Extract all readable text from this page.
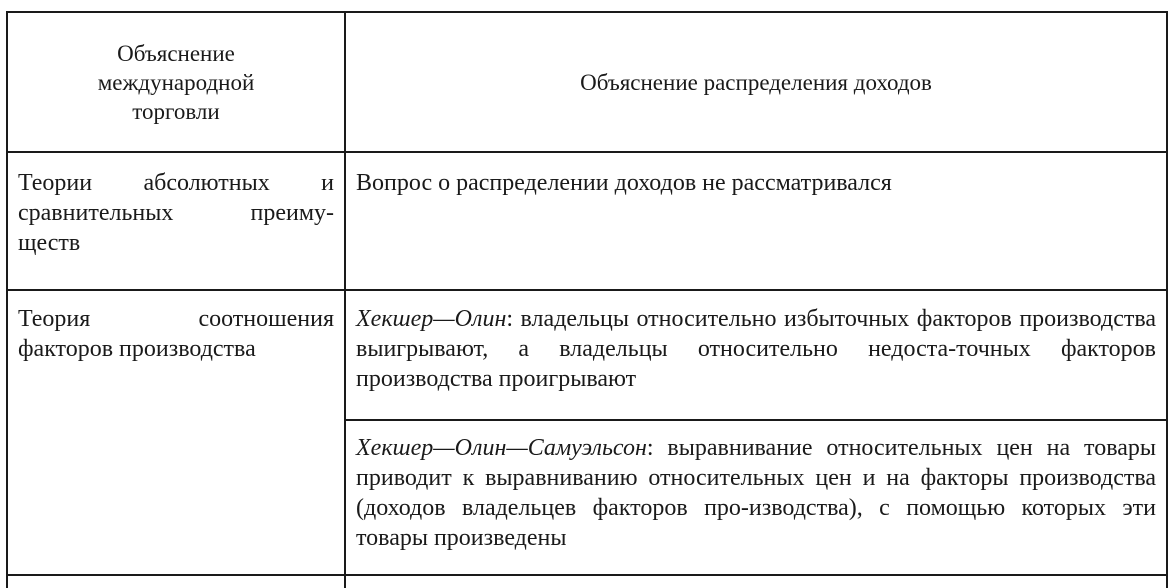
Объяснение международной торговли	Объяснение распределения доходов

Теории абсолютных и
сравнительных преиму-
ществ	Вопрос о распределении доходов не рассматривался

Теория соотношения
факторов производства	Хекшер—Олин: владельцы относительно избыточных факторов производства выигрывают, а владельцы относительно недоста-точных факторов производства проигрывают
	Хекшер—Олин—Самуэльсон: выравнивание относительных цен на товары приводит к выравниванию относительных цен и на факторы производства (доходов владельцев факторов про-изводства), с помощью которых эти товары произведены
